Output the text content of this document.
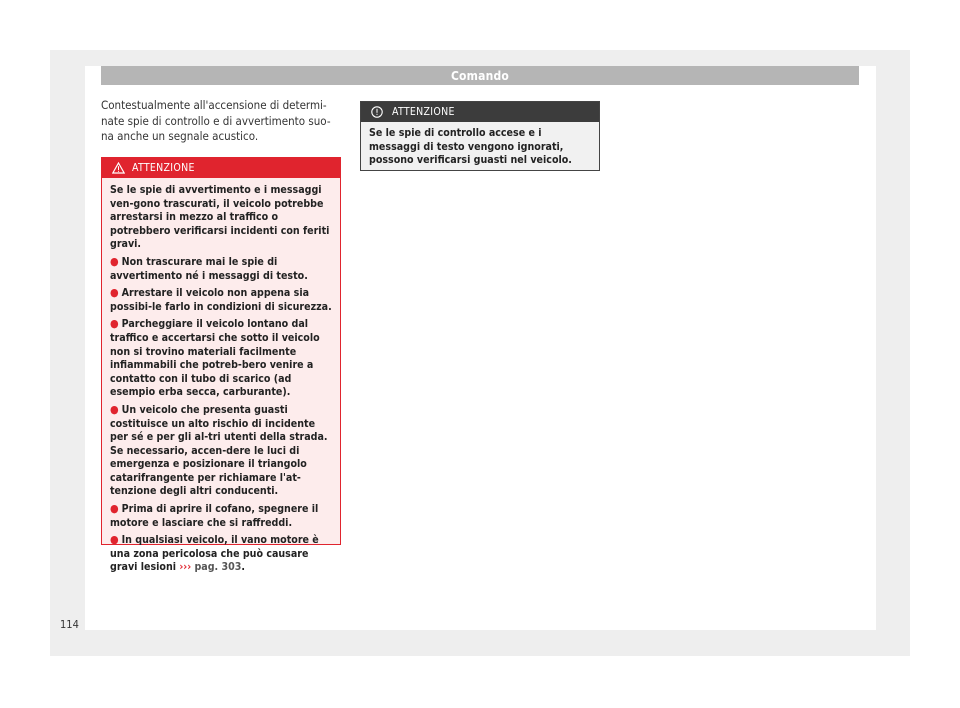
Comando

Contestualmente all'accensione di determi-nate spie di controllo e di avvertimento suo-na anche un segnale acustico.

ATTENZIONE

Se le spie di avvertimento e i messaggi ven-gono trascurati, il veicolo potrebbe arrestarsi in mezzo al traffico o potrebbero verificarsi incidenti con feriti gravi.

● Non trascurare mai le spie di avvertimento né i messaggi di testo.
● Arrestare il veicolo non appena sia possibi-le farlo in condizioni di sicurezza.
● Parcheggiare il veicolo lontano dal traffico e accertarsi che sotto il veicolo non si trovino materiali facilmente infiammabili che potreb-bero venire a contatto con il tubo di scarico (ad esempio erba secca, carburante).
● Un veicolo che presenta guasti costituisce un alto rischio di incidente per sé e per gli al-tri utenti della strada. Se necessario, accen-dere le luci di emergenza e posizionare il triangolo catarifrangente per richiamare l'at-tenzione degli altri conducenti.
● Prima di aprire il cofano, spegnere il motore e lasciare che si raffreddi.
● In qualsiasi veicolo, il vano motore è una zona pericolosa che può causare gravi lesioni ››› pag. 303.
ATTENZIONE

Se le spie di controllo accese e i messaggi di testo vengono ignorati, possono verificarsi guasti nel veicolo.

114
